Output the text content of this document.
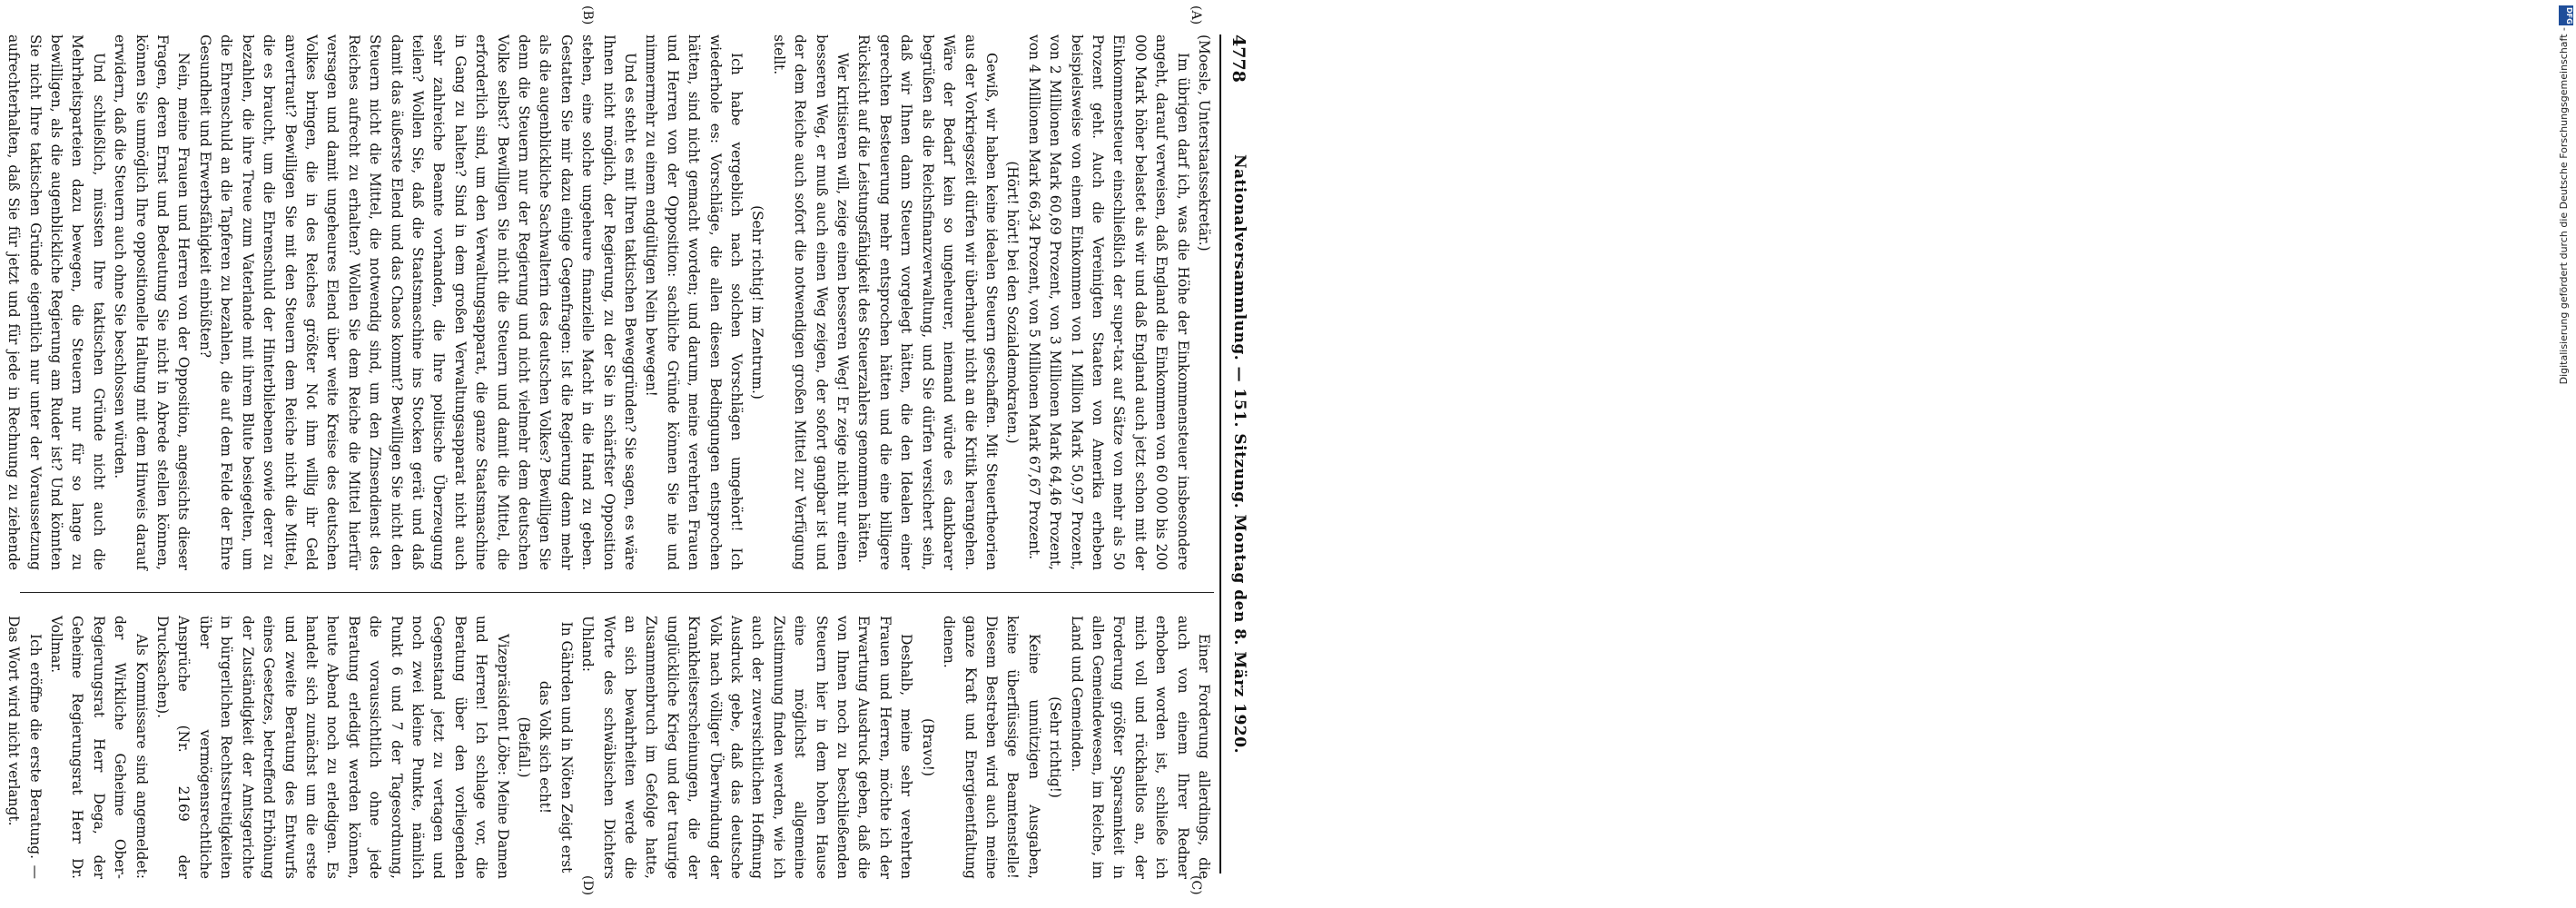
4778
Nationalversammlung. — 151. Sitzung. Montag den 8. März 1920.

(Moesle, Unterstaatssekretär.)

Im übrigen darf ich, was die Höhe der Einkommensteuer insbesondere angeht, darauf verweisen, daß England die Einkommen von 60 000 bis 200 000 Mark höher belastet als wir und daß England auch jetzt schon mit der Einkommensteuer einschließlich der super-tax auf Sätze von mehr als 50 Prozent geht. Auch die Vereinigten Staaten von Amerika erheben beispielsweise von einem Einkommen von 1 Million Mark 50,97 Prozent, von 2 Millionen Mark 60,69 Prozent, von 3 Millionen Mark 64,46 Prozent, von 4 Millionen Mark 66,34 Prozent, von 5 Millionen Mark 67,67 Prozent.

(Hört! hört! bei den Sozialdemokraten.)

Gewiß, wir haben keine idealen Steuern geschaffen. Mit Steuertheorien aus der Vorkriegszeit dürfen wir überhaupt nicht an die Kritik herangehen. Wäre der Bedarf kein so ungeheurer, niemand würde es dankbarer begrüßen als die Reichsfinanzverwaltung, und Sie dürfen versichert sein, daß wir Ihnen dann Steuern vorgelegt hätten, die den Idealen einer gerechten Besteuerung mehr entsprochen hätten und die eine billigere Rücksicht auf die Leistungsfähigkeit des Steuerzahlers genommen hätten.

Wer kritisieren will, zeige einen besseren Weg! Er zeige nicht nur einen besseren Weg, er muß auch einen Weg zeigen, der sofort gangbar ist und der dem Reiche auch sofort die notwendigen großen Mittel zur Verfügung stellt.

(Sehr richtig! im Zentrum.)

Ich habe vergeblich nach solchen Vorschlägen umgehört! Ich wiederhole es: Vorschläge, die allen diesen Bedingungen entsprochen hätten, sind nicht gemacht worden; und darum, meine verehrten Frauen und Herren von der Opposition: sachliche Gründe können Sie nie und nimmermehr zu einem endgültigen Nein bewegen!

Und es steht es mit Ihren taktischen Beweggründen? Sie sagen, es wäre Ihnen nicht möglich, der Regierung, zu der Sie in schärfster Opposition stehen, eine solche ungeheure finanzielle Macht in die Hand zu geben. Gestatten Sie mir dazu einige Gegenfragen: Ist die Regierung denn mehr als die augenblickliche Sachwalterin des deutschen Volkes? Bewilligen Sie denn die Steuern nur der Regierung und nicht vielmehr dem deutschen Volke selbst? Bewilligen Sie nicht die Steuern und damit die Mittel, die erforderlich sind, um den Verwaltungsapparat, die ganze Staatsmaschine in Gang zu halten? Sind in dem großen Verwaltungsapparat nicht auch sehr zahlreiche Beamte vorhanden, die Ihre politische Überzeugung teilen? Wollen Sie, daß die Staatsmaschine ins Stocken gerät und daß damit das äußerste Elend und das Chaos kommt? Bewilligen Sie nicht den Steuern nicht die Mittel, die notwendig sind, um den Zinsendienst des Reiches aufrecht zu erhalten? Wollen Sie dem Reiche die Mittel hierfür versagen und damit ungeheures Elend über weite Kreise des deutschen Volkes bringen, die in des Reiches größter Not ihm willig ihr Geld anvertraut? Bewilligen Sie mit den Steuern dem Reiche nicht die Mittel, die es braucht, um die Ehrenschuld der Hinterbliebenen sowie derer zu bezahlen, die ihre Treue zum Vaterlande mit ihrem Blute besiegelten, um die Ehrenschuld an die Tapferen zu bezahlen, die auf dem Felde der Ehre Gesundheit und Erwerbsfähigkeit einbüßten?

Nein, meine Frauen und Herren von der Opposition, angesichts dieser Fragen, deren Ernst und Bedeutung Sie nicht in Abrede stellen können, können Sie unmöglich Ihre oppositionelle Haltung mit dem Hinweis darauf erwidern, daß die Steuern auch ohne Sie beschlossen würden.

Und schließlich, müssten Ihre taktischen Gründe nicht auch die Mehrheitsparteien dazu bewegen, die Steuern nur für so lange zu bewilligen, als die augenblickliche Regierung am Ruder ist? Und könnten Sie nicht Ihre taktischen Gründe eigentlich nur unter der Voraussetzung aufrechterhalten, daß Sie für jetzt und für jede in Rechnung zu ziehende

Einer Forderung allerdings, die auch von einem Ihrer Redner erhoben worden ist, schließe ich mich voll und rückhaltlos an, der Forderung größter Sparsamkeit in allen Gemeindewesen, im Reiche, im Land und Gemeinden.

(Sehr richtig!)

Keine unnützigen Ausgaben, keine überflüssige Beamtenstelle! Diesem Bestreben wird auch meine ganze Kraft und Energieentfaltung dienen.

(Bravo!)

Deshalb, meine sehr verehrten Frauen und Herren, möchte ich der Erwartung Ausdruck geben, daß die von Ihnen noch zu beschließenden Steuern hier in dem hohen Hause eine möglichst allgemeine Zustimmung finden werden, wie ich auch der zuversichtlichen Hoffnung Ausdruck gebe, daß das deutsche Volk nach völliger Überwindung der Krankheitserscheinungen, die der unglückliche Krieg und der traurige Zusammenbruch im Gefolge hatte, an sich bewahrheiten werde die Worte des schwäbischen Dichters Uhland:

In Gährden und in Nöten Zeigt erst das Volk sich echt!

(Beifall.)

Vizepräsident Löbe: Meine Damen und Herren! Ich schlage vor, die Beratung über den vorliegenden Gegenstand jetzt zu vertagen und noch zwei kleine Punkte, nämlich Punkt 6 und 7 der Tagesordnung, die voraussichtlich ohne jede Beratung erledigt werden können, heute Abend noch zu erledigen. Es handelt sich zunächst um die erste und zweite Beratung des Entwurfs eines Gesetzes, betreffend Erhöhung der Zuständigkeit der Amtsgerichte in bürgerlichen Rechtsstreitigkeiten über vermögensrechtliche Ansprüche (Nr. 2169 der Drucksachen).

Als Kommissare sind angemeldet: der Wirkliche Geheime Ober-Regierungsrat Herr Dega, der Geheime Regierungsrat Herr Dr. Vollmar.

Ich eröffne die erste Beratung. — Das Wort wird nicht verlangt.

(A)
(B)
(C)
(D)
DFG
Digitalisierung gefördert durch die Deutsche Forschungsgemeinschaft -
